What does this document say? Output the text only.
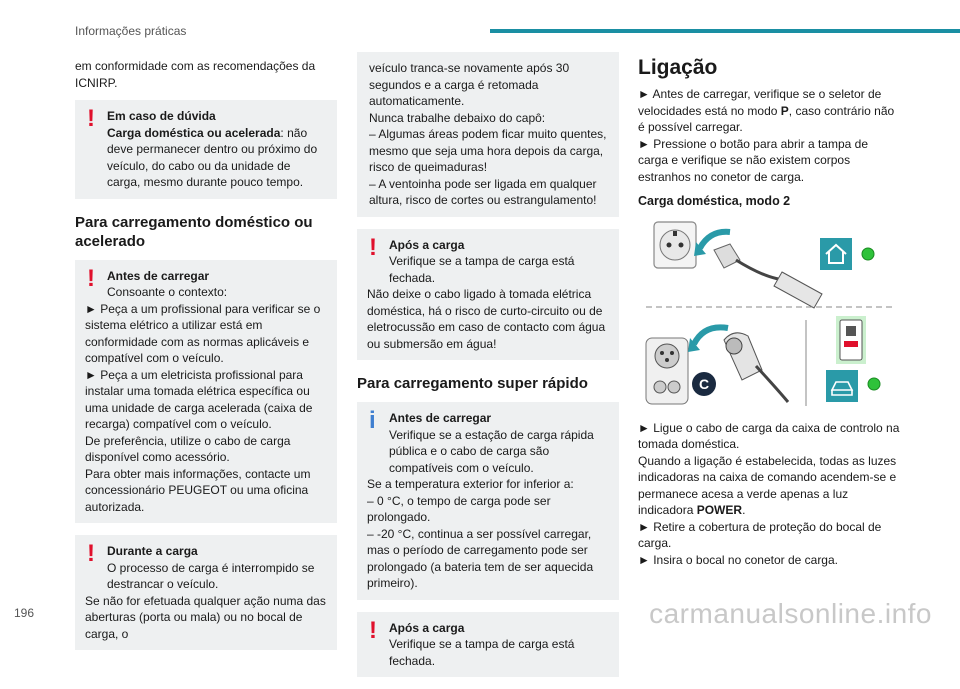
Informações práticas

em conformidade com as recomendações da ICNIRP.

!	Em caso de dúvida

Carga doméstica ou acelerada: não deve permanecer dentro ou próximo do veículo, do cabo ou da unidade de carga, mesmo durante pouco tempo.

Para carregamento doméstico ou acelerado
!	Antes de carregar

Consoante o contexto:

► Peça a um profissional para verificar se o sistema elétrico a utilizar está em conformidade com as normas aplicáveis e compatível com o veículo.

► Peça a um eletricista profissional para instalar uma tomada elétrica específica ou uma unidade de carga acelerada (caixa de recarga) compatível com o veículo.

De preferência, utilize o cabo de carga disponível como acessório.

Para obter mais informações, contacte um concessionário PEUGEOT ou uma oficina autorizada.

!	Durante a carga

O processo de carga é interrompido se destrancar o veículo.

Se não for efetuada qualquer ação numa das aberturas (porta ou mala) ou no bocal de carga, o

veículo tranca-se novamente após 30 segundos e a carga é retomada automaticamente.

Nunca trabalhe debaixo do capô:

– Algumas áreas podem ficar muito quentes, mesmo que seja uma hora depois da carga, risco de queimaduras!

– A ventoinha pode ser ligada em qualquer altura, risco de cortes ou estrangulamento!

!	Após a carga

Verifique se a tampa de carga está fechada.

Não deixe o cabo ligado à tomada elétrica doméstica, há o risco de curto-circuito ou de eletrocussão em caso de contacto com água ou submersão em água!

Para carregamento super rápido
i	Antes de carregar

Verifique se a estação de carga rápida pública e o cabo de carga são compatíveis com o veículo.

Se a temperatura exterior for inferior a:

– 0 °C, o tempo de carga pode ser prolongado.

– -20 °C, continua a ser possível carregar, mas o período de carregamento pode ser prolongado (a bateria tem de ser aquecida primeiro).

!	Após a carga

Verifique se a tampa de carga está fechada.

Ligação

► Antes de carregar, verifique se o seletor de velocidades está no modo P, caso contrário não é possível carregar.

► Pressione o botão para abrir a tampa de carga e verifique se não existem corpos estranhos no conetor de carga.

Carga doméstica, modo 2
C

► Ligue o cabo de carga da caixa de controlo na tomada doméstica.

Quando a ligação é estabelecida, todas as luzes indicadoras na caixa de comando acendem-se e permanece acesa a verde apenas a luz indicadora POWER.

► Retire a cobertura de proteção do bocal de carga.

► Insira o bocal no conetor de carga.

196	carmanualsonline.info
